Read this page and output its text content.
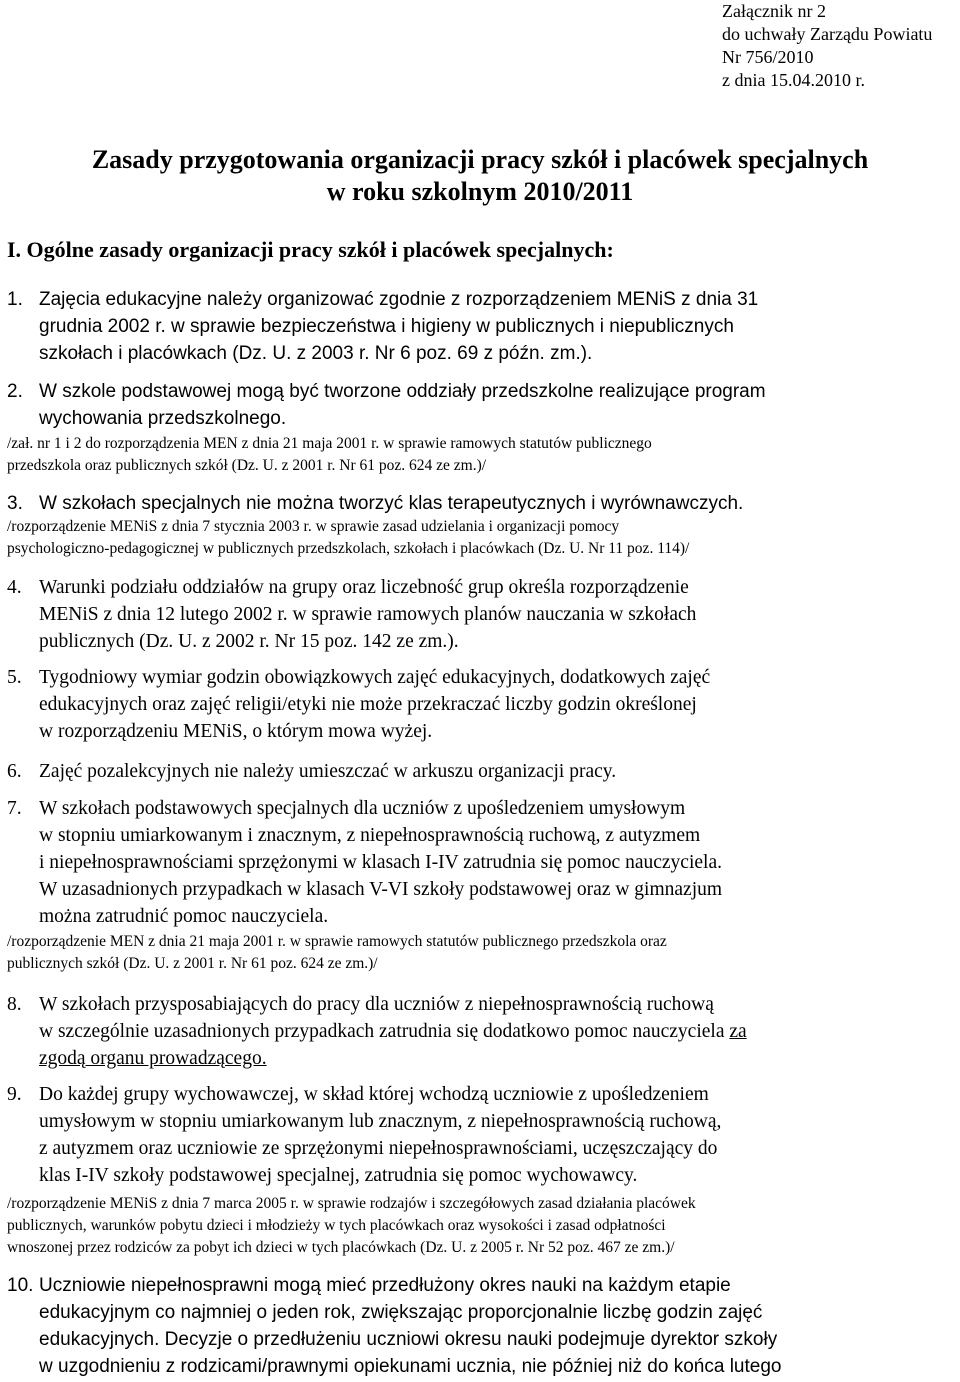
Załącznik nr 2
do uchwały Zarządu Powiatu
Nr 756/2010
z dnia 15.04.2010 r.
Zasady przygotowania organizacji pracy szkół i placówek specjalnych
w roku szkolnym 2010/2011
I. Ogólne zasady organizacji pracy szkół i placówek specjalnych:
1. Zajęcia edukacyjne należy organizować zgodnie z rozporządzeniem MENiS z dnia 31
grudnia 2002 r. w sprawie bezpieczeństwa i higieny w publicznych i niepublicznych
szkołach i placówkach (Dz. U. z 2003 r. Nr 6 poz. 69 z późn. zm.).
2. W szkole podstawowej mogą być tworzone oddziały przedszkolne realizujące program
wychowania przedszkolnego.
/zał. nr 1 i 2 do rozporządzenia MEN z dnia 21 maja 2001 r. w sprawie ramowych statutów publicznego
przedszkola oraz publicznych szkół (Dz. U. z 2001 r. Nr 61 poz. 624 ze zm.)/
3. W szkołach specjalnych nie można tworzyć klas terapeutycznych i wyrównawczych.
/rozporządzenie MENiS z dnia 7 stycznia 2003 r. w sprawie zasad udzielania i organizacji pomocy
psychologiczno-pedagogicznej w publicznych przedszkolach, szkołach i placówkach (Dz. U. Nr 11 poz. 114)/
4. Warunki podziału oddziałów na grupy oraz liczebność grup określa rozporządzenie
MENiS z dnia 12 lutego 2002 r. w sprawie ramowych planów nauczania w szkołach
publicznych (Dz. U. z 2002 r. Nr 15 poz. 142 ze zm.).
5. Tygodniowy wymiar godzin obowiązkowych zajęć edukacyjnych, dodatkowych zajęć
edukacyjnych oraz zajęć religii/etyki nie może przekraczać liczby godzin określonej
w rozporządzeniu MENiS, o którym mowa wyżej.
6. Zajęć pozalekcyjnych nie należy umieszczać w arkuszu organizacji pracy.
7. W szkołach podstawowych specjalnych dla uczniów z upośledzeniem umysłowym
w stopniu umiarkowanym i znacznym, z niepełnosprawnością ruchową, z autyzmem
i niepełnosprawnościami sprzężonymi w klasach I-IV zatrudnia się pomoc nauczyciela.
W uzasadnionych przypadkach w klasach V-VI szkoły podstawowej oraz w gimnazjum
można zatrudnić pomoc nauczyciela.
/rozporządzenie MEN z dnia 21 maja 2001 r. w sprawie ramowych statutów publicznego przedszkola oraz
publicznych szkół (Dz. U. z 2001 r. Nr 61 poz. 624 ze zm.)/
8. W szkołach przysposabiających do pracy dla uczniów z niepełnosprawnością ruchową
w szczególnie uzasadnionych przypadkach zatrudnia się dodatkowo pomoc nauczyciela za
zgodą organu prowadzącego.
9. Do każdej grupy wychowawczej, w skład której wchodzą uczniowie z upośledzeniem
umysłowym w stopniu umiarkowanym lub znacznym, z niepełnosprawnością ruchową,
z autyzmem oraz uczniowie ze sprzężonymi niepełnosprawnościami, uczęszczający do
klas I-IV szkoły podstawowej specjalnej, zatrudnia się pomoc wychowawcy.
/rozporządzenie MENiS z dnia 7 marca 2005 r. w sprawie rodzajów i szczegółowych zasad działania placówek
publicznych, warunków pobytu dzieci i młodzieży w tych placówkach oraz wysokości i zasad odpłatności
wnoszonej przez rodziców za pobyt ich dzieci w tych placówkach (Dz. U. z 2005 r. Nr 52 poz. 467 ze zm.)/
10. Uczniowie niepełnosprawni mogą mieć przedłużony okres nauki na każdym etapie
edukacyjnym co najmniej o jeden rok, zwiększając proporcjonalnie liczbę godzin zajęć
edukacyjnych. Decyzje o przedłużeniu uczniowi okresu nauki podejmuje dyrektor szkoły
w uzgodnieniu z rodzicami/prawnymi opiekunami ucznia, nie później niż do końca lutego
